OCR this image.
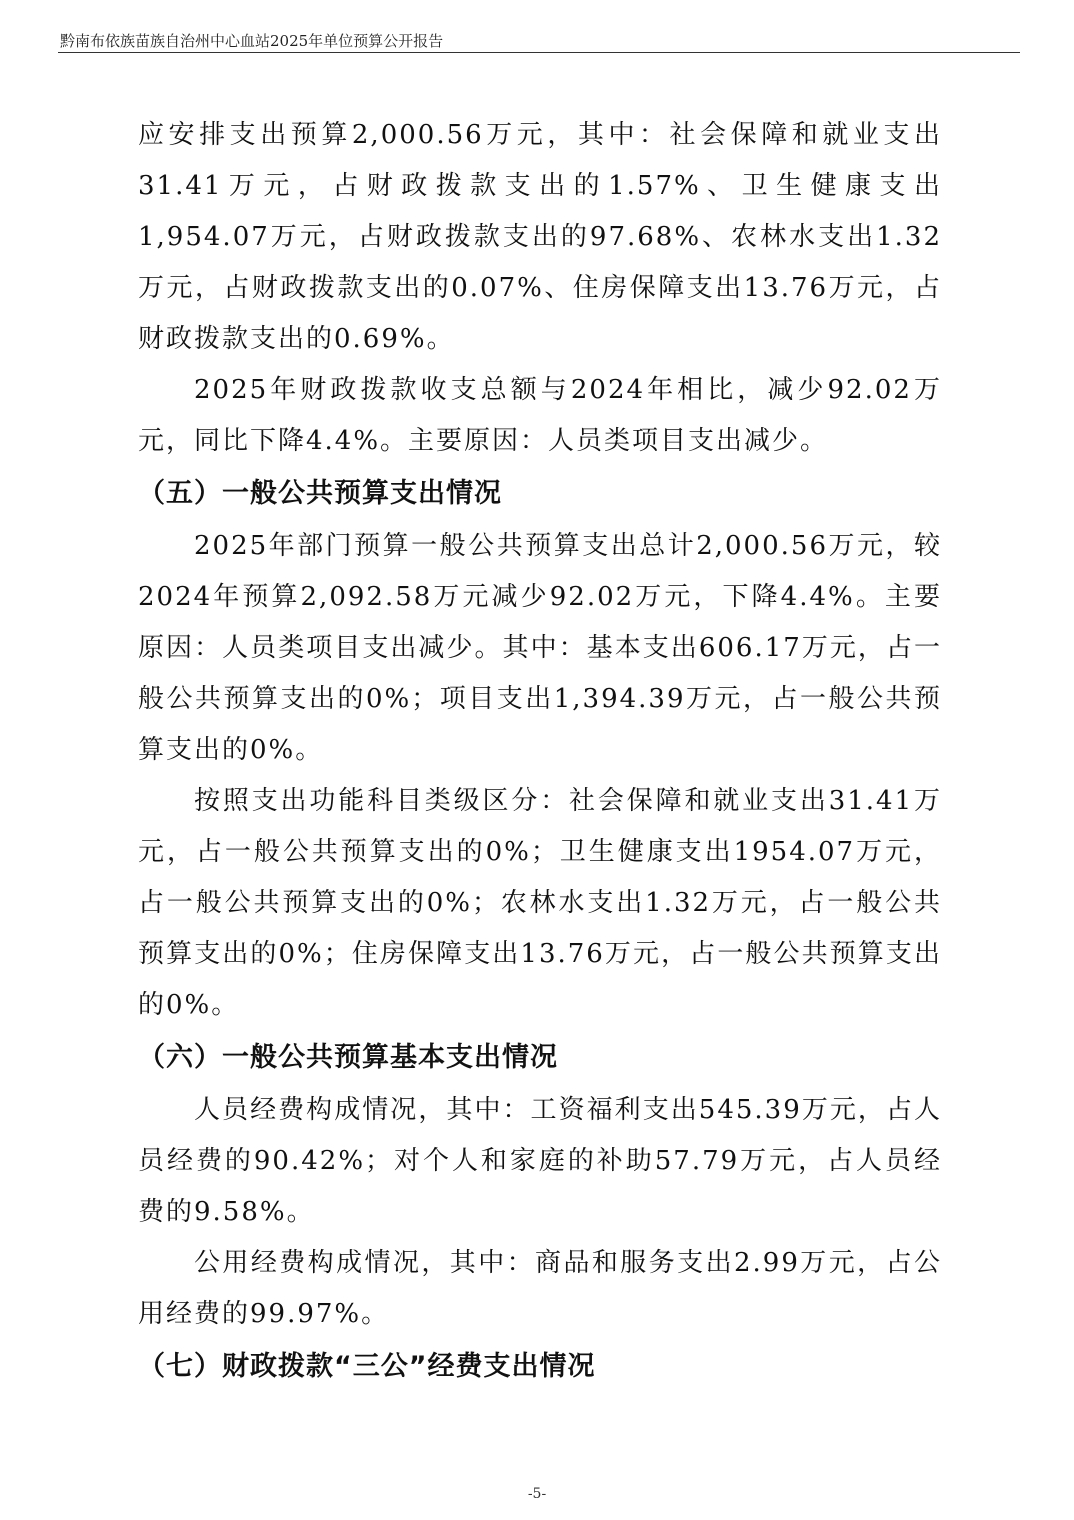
黔南布依族苗族自治州中心血站2025年单位预算公开报告

应安排支出预算2,000.56万元，其中：社会保障和就业支出31.41万元，占财政拨款支出的1.57%、卫生健康支出1,954.07万元，占财政拨款支出的97.68%、农林水支出1.32万元，占财政拨款支出的0.07%、住房保障支出13.76万元，占财政拨款支出的0.69%。

2025年财政拨款收支总额与2024年相比，减少92.02万元，同比下降4.4%。主要原因：人员类项目支出减少。

（五）一般公共预算支出情况

2025年部门预算一般公共预算支出总计2,000.56万元，较2024年预算2,092.58万元减少92.02万元，下降4.4%。主要原因：人员类项目支出减少。其中：基本支出606.17万元，占一般公共预算支出的0%；项目支出1,394.39万元，占一般公共预算支出的0%。

按照支出功能科目类级区分：社会保障和就业支出31.41万元，占一般公共预算支出的0%；卫生健康支出1954.07万元，占一般公共预算支出的0%；农林水支出1.32万元，占一般公共预算支出的0%；住房保障支出13.76万元，占一般公共预算支出的0%。

（六）一般公共预算基本支出情况

人员经费构成情况，其中：工资福利支出545.39万元，占人员经费的90.42%；对个人和家庭的补助57.79万元，占人员经费的9.58%。

公用经费构成情况，其中：商品和服务支出2.99万元，占公用经费的99.97%。

（七）财政拨款“三公”经费支出情况

-5-
